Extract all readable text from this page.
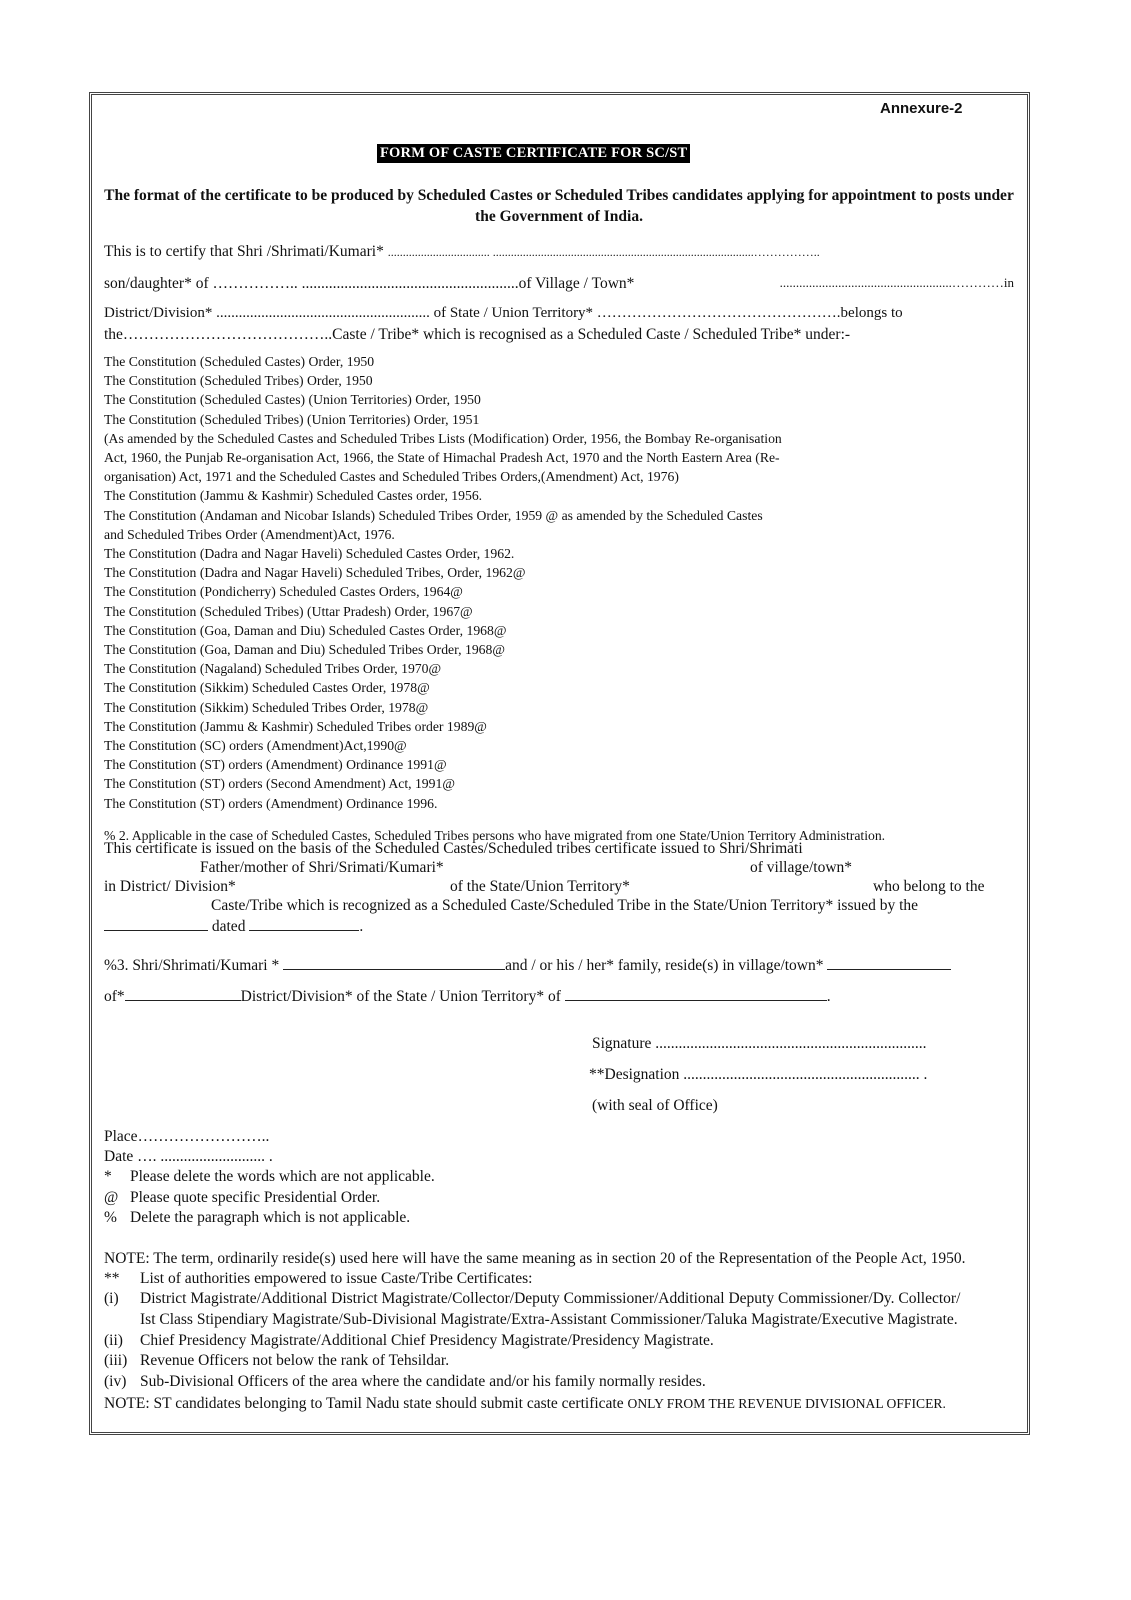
Annexure-2
FORM OF CASTE CERTIFICATE FOR SC/ST
The format of the certificate to be produced by Scheduled Castes or Scheduled Tribes candidates applying for appointment to posts under the Government of India.
This is to certify that Shri /Shrimati/Kumari* .................................. .......................................................................................……………..
son/daughter* of …………….. ........................................................of Village / Town*	.....................................................…………in
District/Division* ......................................................... of State / Union Territory* ………………………………………….belongs to
the…………………………………..Caste / Tribe* which is recognised as a Scheduled Caste / Scheduled Tribe* under:-
The Constitution (Scheduled Castes) Order, 1950
The Constitution (Scheduled Tribes) Order, 1950
The Constitution (Scheduled Castes) (Union Territories) Order, 1950
The Constitution (Scheduled Tribes) (Union Territories) Order, 1951
(As amended by the Scheduled Castes and Scheduled Tribes Lists (Modification) Order, 1956, the Bombay Re-organisation
Act, 1960, the Punjab Re-organisation Act, 1966, the State of Himachal Pradesh Act, 1970 and the North Eastern Area (Re-
organisation) Act, 1971 and the Scheduled Castes and Scheduled Tribes Orders,(Amendment) Act, 1976)
The Constitution (Jammu & Kashmir) Scheduled Castes order, 1956.
The Constitution (Andaman and Nicobar Islands) Scheduled Tribes Order, 1959 @ as amended by the Scheduled Castes
and Scheduled Tribes Order (Amendment)Act, 1976.
The Constitution (Dadra and Nagar Haveli) Scheduled Castes Order, 1962.
The Constitution (Dadra and Nagar Haveli) Scheduled Tribes, Order, 1962@
The Constitution (Pondicherry) Scheduled Castes Orders, 1964@
The Constitution (Scheduled Tribes) (Uttar Pradesh) Order, 1967@
The Constitution (Goa, Daman and Diu) Scheduled Castes Order, 1968@
The Constitution (Goa, Daman and Diu) Scheduled Tribes Order, 1968@
The Constitution (Nagaland) Scheduled Tribes Order, 1970@
The Constitution (Sikkim) Scheduled Castes Order, 1978@
The Constitution (Sikkim) Scheduled Tribes Order, 1978@
The Constitution (Jammu & Kashmir) Scheduled Tribes order 1989@
The Constitution (SC) orders (Amendment)Act,1990@
The Constitution (ST) orders (Amendment) Ordinance 1991@
The Constitution (ST) orders (Second Amendment) Act, 1991@
The Constitution (ST) orders (Amendment) Ordinance 1996.
% 2. Applicable in the case of Scheduled Castes, Scheduled Tribes persons who have migrated from one State/Union Territory Administration.
This certificate is issued on the basis of the Scheduled Castes/Scheduled tribes certificate issued to Shri/Shrimati
Father/mother of Shri/Srimati/Kumari*	of village/town*
in District/ Division*	of the State/Union Territory*	who belong to the
Caste/Tribe which is recognized as a Scheduled Caste/Scheduled Tribe in the State/Union Territory* issued by the
dated	.
%3. Shri/Shrimati/Kumari *	and / or his / her* family, reside(s) in village/town*
of*	District/Division* of the State / Union Territory* of	.
Signature ......................................................................
**Designation ............................................................. .
(with seal of Office)
Place……………………..
Date …. ........................... .
* Please delete the words which are not applicable.
@ Please quote specific Presidential Order.
% Delete the paragraph which is not applicable.
NOTE: The term, ordinarily reside(s) used here will have the same meaning as in section 20 of the Representation of the People Act, 1950.
** List of authorities empowered to issue Caste/Tribe Certificates:
(i) District Magistrate/Additional District Magistrate/Collector/Deputy Commissioner/Additional Deputy Commissioner/Dy. Collector/
Ist Class Stipendiary Magistrate/Sub-Divisional Magistrate/Extra-Assistant Commissioner/Taluka Magistrate/Executive Magistrate.
(ii) Chief Presidency Magistrate/Additional Chief Presidency Magistrate/Presidency Magistrate.
(iii) Revenue Officers not below the rank of Tehsildar.
(iv) Sub-Divisional Officers of the area where the candidate and/or his family normally resides.
NOTE: ST candidates belonging to Tamil Nadu state should submit caste certificate ONLY FROM THE REVENUE DIVISIONAL OFFICER.
